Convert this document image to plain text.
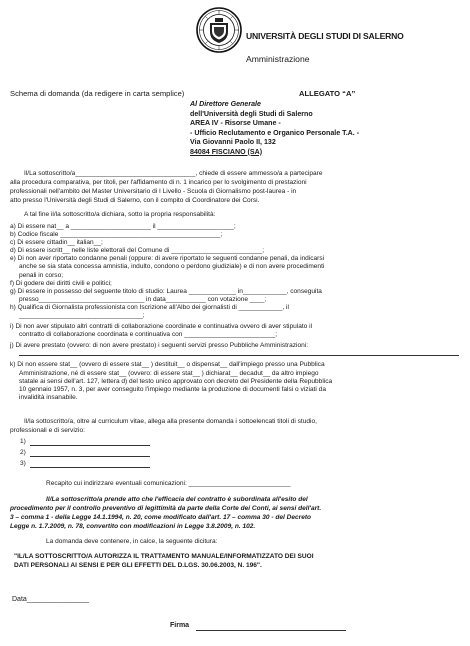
UNIVERSITÀ DEGLI STUDI DI SALERNO
Amministrazione
Schema di domanda (da redigere in carta semplice)	ALLEGATO “A”
Al Direttore Generale
dell'Università degli Studi di Salerno
AREA IV - Risorse Umane -
- Ufficio Reclutamento e Organico Personale T.A. -
Via Giovanni Paolo II, 132
84084 FISCIANO (SA)
Il/La sottoscritto/a_________________________________, chiede di essere ammesso/a a partecipare
alla procedura comparativa, per titoli, per l'affidamento di n. 1 incarico per lo svolgimento di prestazioni
professionali nell'ambito del Master Universitario di I Livello - Scuola di Giornalismo post-laurea - in
atto presso l'Università degli Studi di Salerno, con il compito di Coordinatore dei Corsi.
A tal fine il/la sottoscritto/a dichiara, sotto la propria responsabilità:
a) Di essere nat__ a ______________________ il _____________________;
b) Codice fiscale ____________________________________________;
c) Di essere cittadin__ italian__;
d) Di essere iscritt__ nelle liste elettorali del Comune di _________________________;
e) Di non aver riportato condanne penali (oppure: di avere riportato le seguenti condanne penali, da indicarsi
anche se sia stata concessa amnistia, indulto, condono o perdono giudiziale) e di non avere procedimenti
penali in corso;
f) Di godere dei diritti civili e politici;
g) Di essere in possesso del seguente titolo di studio: Laurea _____________ in____________, conseguita
presso_____________________________ in data___________ con votazione ____;
h) Qualifica di Giornalista professionista con Iscrizione all'Albo dei giornalisti di ____________, il
__________________________________;
i) Di non aver stipulato altri contratti di collaborazione coordinate e continuativa ovvero di aver stipulato il
contratto di collaborazione coordinata e continuativa con _________________________;
j) Di avere prestato (ovvero: di non avere prestato) i seguenti servizi presso Pubbliche Amministrazioni:
k) Di non essere stat__ (ovvero di essere stat__ ) destituit__ o dispensat__ dall'impiego presso una Pubblica
Amministrazione, né di essere stat__ (ovvero: di essere stat__ ) dichiarat__ decadut__ da altro impiego
statale ai sensi dell'art. 127, lettera d) del testo unico approvato con decreto del Presidente della Repubblica
10 gennaio 1957, n. 3, per aver conseguito l'impiego mediante la produzione di documenti falsi o viziati da
invalidità insanabile.
Il/la sottoscritto/a, oltre al curriculum vitae, allega alla presente domanda i sottoelencati titoli di studio,
professionali e di servizio:
1)
2)
3)
Recapito cui indirizzare eventuali comunicazioni: ____________________________
Il/La sottoscritto/a prende atto che l'efficacia del contratto è subordinata all'esito del
procedimento per il controllo preventivo di legittimità da parte della Corte dei Conti, ai sensi dell'art.
3 – comma 1 - della Legge 14.1.1994, n. 20, come modificato dall'art. 17 – comma 30 - del Decreto
Legge n. 1.7.2009, n. 78, convertito con modificazioni in Legge 3.8.2009, n. 102.
La domanda deve contenere, in calce, la seguente dicitura:
"IL/LA SOTTOSCRITTO/A AUTORIZZA IL TRATTAMENTO MANUALE/INFORMATIZZATO DEI SUOI
DATI PERSONALI AI SENSI E PER GLI EFFETTI DEL D.LGS. 30.06.2003, N. 196".
Data________________
Firma
